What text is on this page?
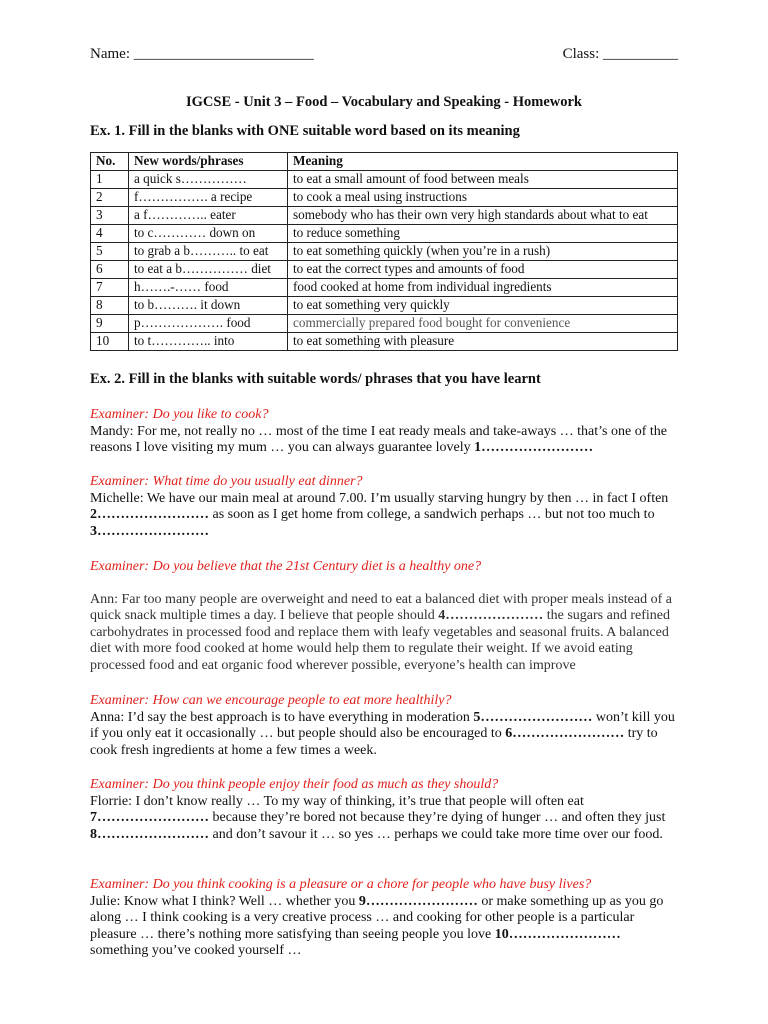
Name: ________________________	Class: __________
IGCSE - Unit 3 – Food – Vocabulary and Speaking - Homework
Ex. 1. Fill in the blanks with ONE suitable word based on its meaning
No.	New words/phrases	Meaning
1	a quick s……………	to eat a small amount of food between meals
2	f……………. a recipe	to cook a meal using instructions
3	a f………….. eater	somebody who has their own very high standards about what to eat
4	to c………… down on	to reduce something
5	to grab a b……….. to eat	to eat something quickly (when you’re in a rush)
6	to eat a b…………… diet	to eat the correct types and amounts of food
7	h…….-…… food	food cooked at home from individual ingredients
8	to b………. it down	to eat something very quickly
9	p………………. food	commercially prepared food bought for convenience
10	to t………….. into	to eat something with pleasure
Ex. 2. Fill in the blanks with suitable words/ phrases that you have learnt
Examiner: Do you like to cook?
Mandy: For me, not really no … most of the time I eat ready meals and take-aways … that’s one of the reasons I love visiting my mum … you can always guarantee lovely 1……………………
Examiner: What time do you usually eat dinner?
Michelle: We have our main meal at around 7.00. I’m usually starving hungry by then … in fact I often 2…………………… as soon as I get home from college, a sandwich perhaps … but not too much to 3……………………
Examiner: Do you believe that the 21st Century diet is a healthy one?
Ann: Far too many people are overweight and need to eat a balanced diet with proper meals instead of a quick snack multiple times a day. I believe that people should 4………………… the sugars and refined carbohydrates in processed food and replace them with leafy vegetables and seasonal fruits. A balanced diet with more food cooked at home would help them to regulate their weight. If we avoid eating processed food and eat organic food wherever possible, everyone’s health can improve
Examiner: How can we encourage people to eat more healthily?
Anna: I’d say the best approach is to have everything in moderation 5…………………… won’t kill you if you only eat it occasionally … but people should also be encouraged to 6…………………… try to cook fresh ingredients at home a few times a week.
Examiner: Do you think people enjoy their food as much as they should?
Florrie: I don’t know really … To my way of thinking, it’s true that people will often eat 7…………………… because they’re bored not because they’re dying of hunger … and often they just 8…………………… and don’t savour it … so yes … perhaps we could take more time over our food.
Examiner: Do you think cooking is a pleasure or a chore for people who have busy lives?
Julie: Know what I think? Well … whether you 9…………………… or make something up as you go along … I think cooking is a very creative process … and cooking for other people is a particular pleasure … there’s nothing more satisfying than seeing people you love 10…………………… something you’ve cooked yourself …
